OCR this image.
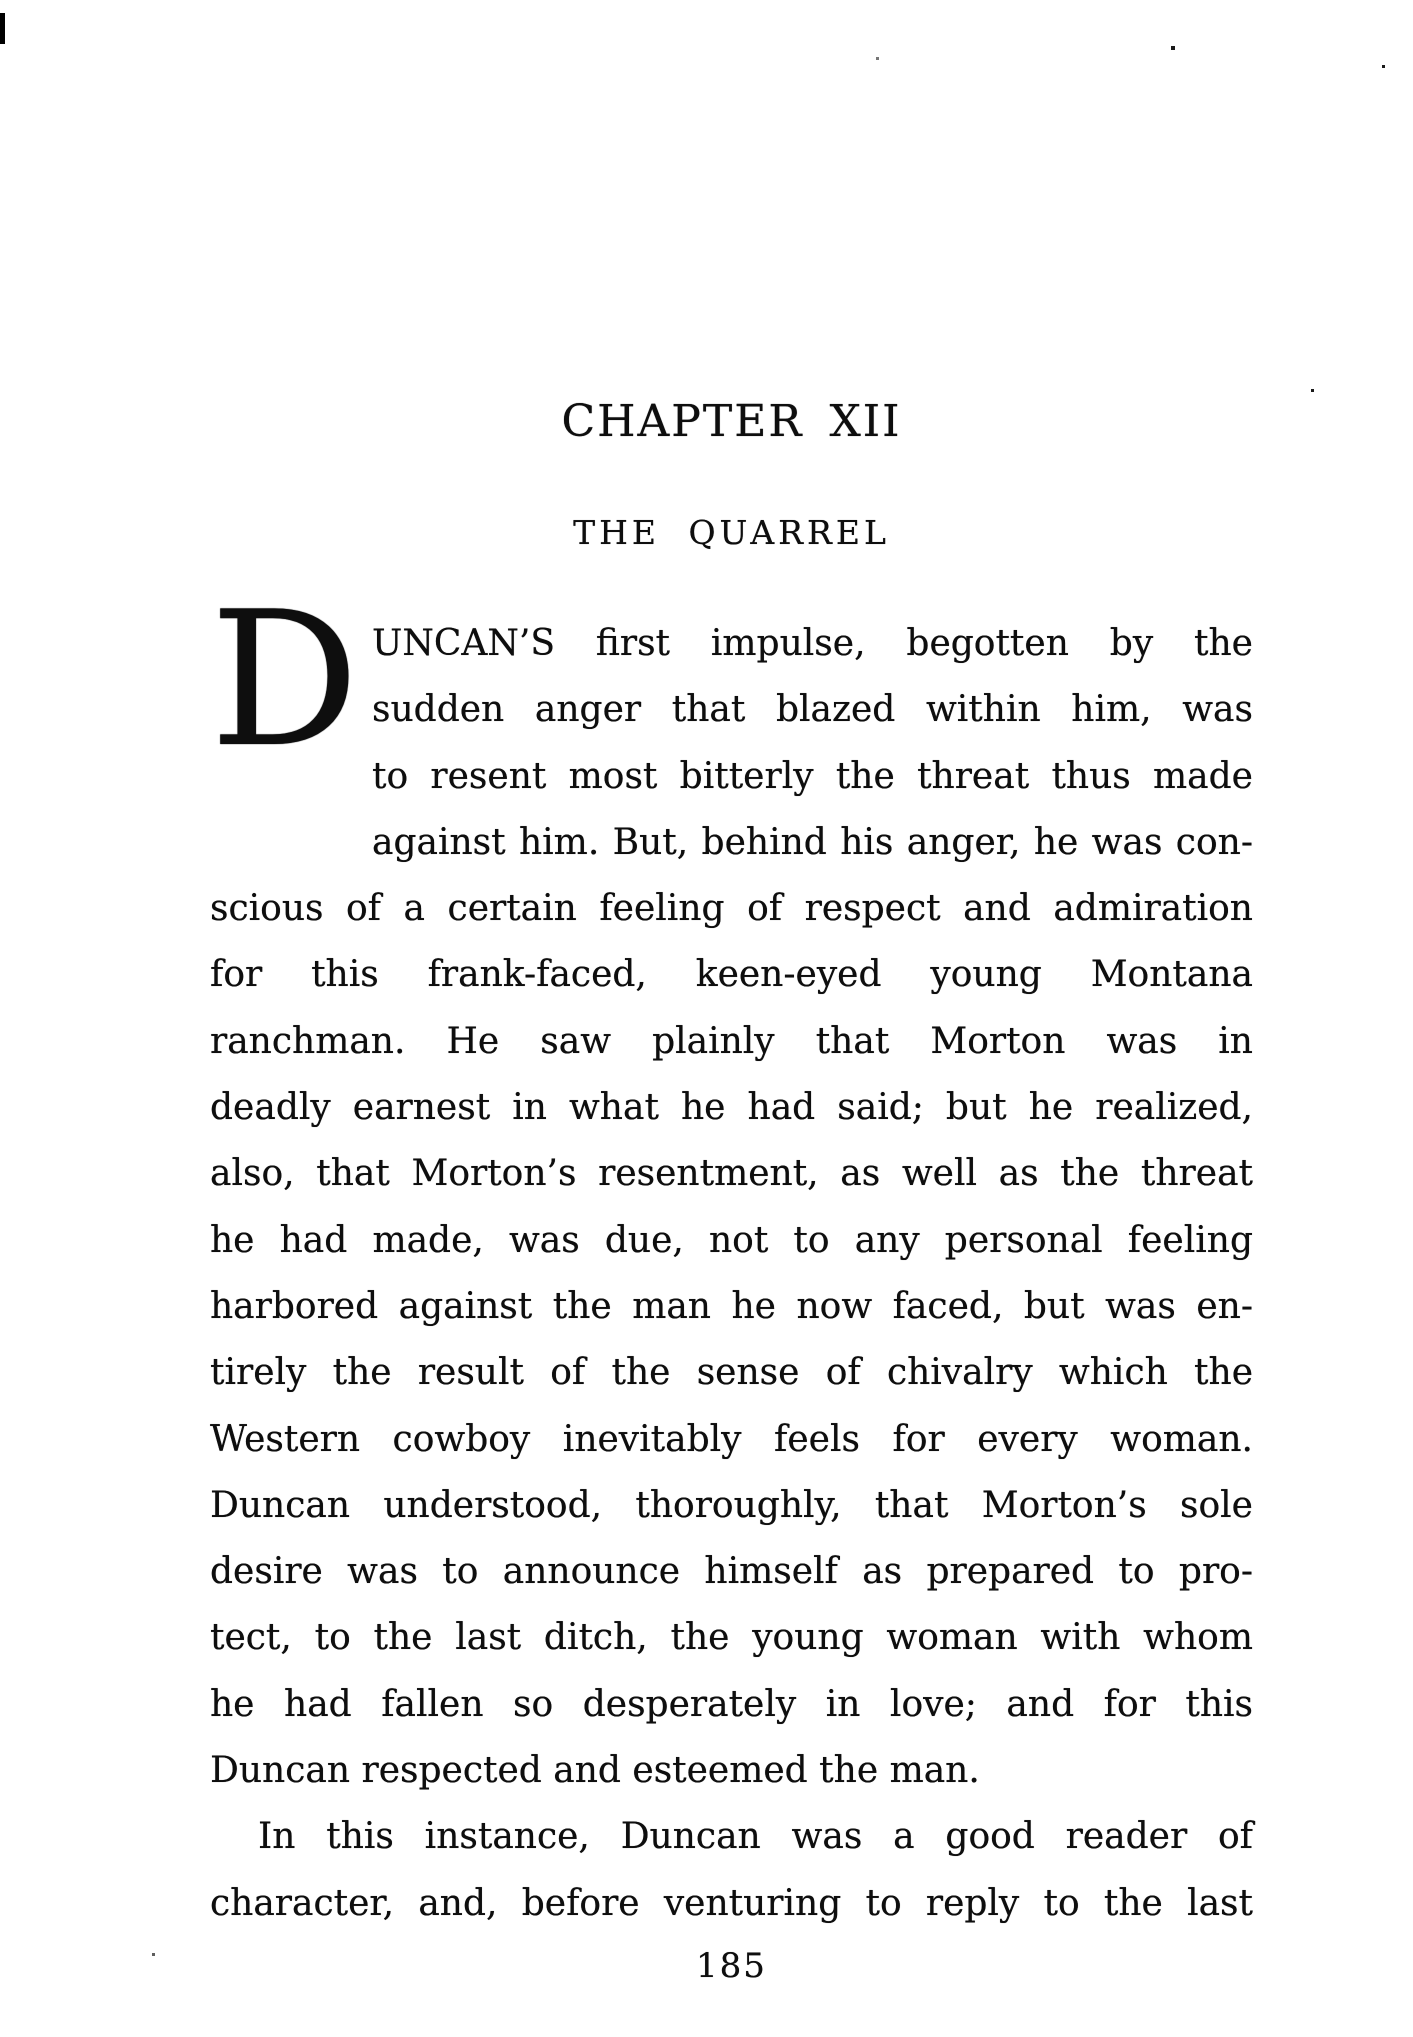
CHAPTER XII
THE QUARREL
D UNCAN’S first impulse, begotten by the
sudden anger that blazed within him, was
to resent most bitterly the threat thus made
against him. But, behind his anger, he was con-
scious of a certain feeling of respect and admiration
for this frank-faced, keen-eyed young Montana
ranchman. He saw plainly that Morton was in
deadly earnest in what he had said; but he realized,
also, that Morton’s resentment, as well as the threat
he had made, was due, not to any personal feeling
harbored against the man he now faced, but was en-
tirely the result of the sense of chivalry which the
Western cowboy inevitably feels for every woman.
Duncan understood, thoroughly, that Morton’s sole
desire was to announce himself as prepared to pro-
tect, to the last ditch, the young woman with whom
he had fallen so desperately in love; and for this
Duncan respected and esteemed the man.
In this instance, Duncan was a good reader of
character, and, before venturing to reply to the last
185
